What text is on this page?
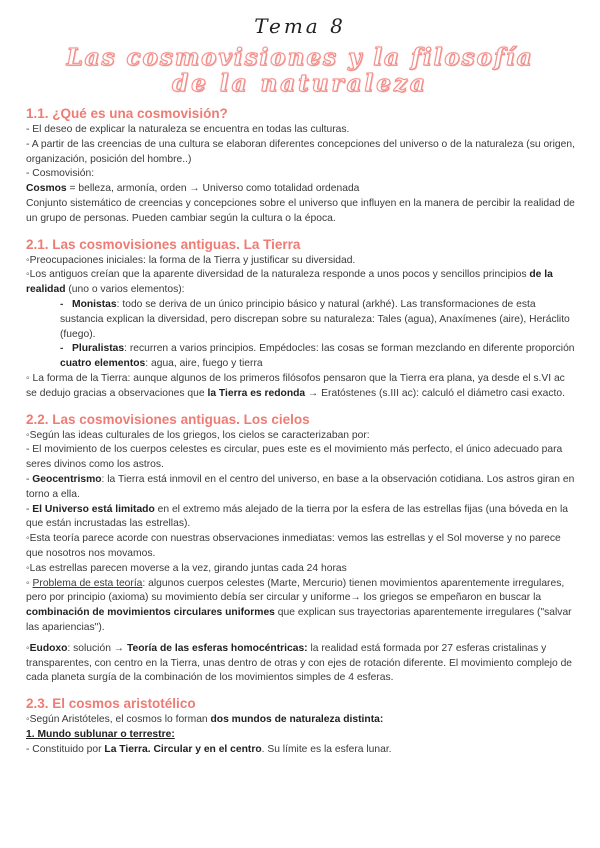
Tema 8
Las cosmovisiones y la filosofía
de la naturaleza
1.1. ¿Qué es una cosmovisión?

- El deseo de explicar la naturaleza se encuentra en todas las culturas.

- A partir de las creencias de una cultura se elaboran diferentes concepciones del universo o de la naturaleza (su origen, organización, posición del hombre..)

- Cosmovisión:

Cosmos = belleza, armonía, orden → Universo como totalidad ordenada

Conjunto sistemático de creencias y concepciones sobre el universo que influyen en la manera de percibir la realidad de un grupo de personas. Pueden cambiar según la cultura o la época.

2.1. Las cosmovisiones antiguas. La Tierra

◦Preocupaciones iniciales: la forma de la Tierra y justificar su diversidad.

◦Los antiguos creían que la aparente diversidad de la naturaleza responde a unos pocos y sencillos principios de la realidad (uno o varios elementos):

- Monistas: todo se deriva de un único principio básico y natural (arkhé). Las transformaciones de esta sustancia explican la diversidad, pero discrepan sobre su naturaleza: Tales (agua), Anaxímenes (aire), Heráclito (fuego).

- Pluralistas: recurren a varios principios. Empédocles: las cosas se forman mezclando en diferente proporción cuatro elementos: agua, aire, fuego y tierra

◦ La forma de la Tierra: aunque algunos de los primeros filósofos pensaron que la Tierra era plana, ya desde el s.VI ac se dedujo gracias a observaciones que la Tierra es redonda → Eratóstenes (s.III ac): calculó el diámetro casi exacto.

2.2. Las cosmovisiones antiguas. Los cielos

◦Según las ideas culturales de los griegos, los cielos se caracterizaban por:

- El movimiento de los cuerpos celestes es circular, pues este es el movimiento más perfecto, el único adecuado para seres divinos como los astros.

- Geocentrismo: la Tierra está inmovil en el centro del universo, en base a la observación cotidiana. Los astros giran en torno a ella.

- El Universo está limitado en el extremo más alejado de la tierra por la esfera de las estrellas fijas (una bóveda en la que están incrustadas las estrellas).

◦Esta teoría parece acorde con nuestras observaciones inmediatas: vemos las estrellas y el Sol moverse y no parece que nosotros nos movamos.

◦Las estrellas parecen moverse a la vez, girando juntas cada 24 horas

◦ Problema de esta teoría: algunos cuerpos celestes (Marte, Mercurio) tienen movimientos aparentemente irregulares, pero por principio (axioma) su movimiento debía ser circular y uniforme→ los griegos se empeñaron en buscar la combinación de movimientos circulares uniformes que explican sus trayectorias aparentemente irregulares ("salvar las apariencias").

◦Eudoxo: solución → Teoría de las esferas homocéntricas: la realidad está formada por 27 esferas cristalinas y transparentes, con centro en la Tierra, unas dentro de otras y con ejes de rotación diferente. El movimiento complejo de cada planeta surgía de la combinación de los movimientos simples de 4 esferas.

2.3. El cosmos aristotélico

◦Según Aristóteles, el cosmos lo forman dos mundos de naturaleza distinta:

1. Mundo sublunar o terrestre:

- Constituido por La Tierra. Circular y en el centro. Su límite es la esfera lunar.
